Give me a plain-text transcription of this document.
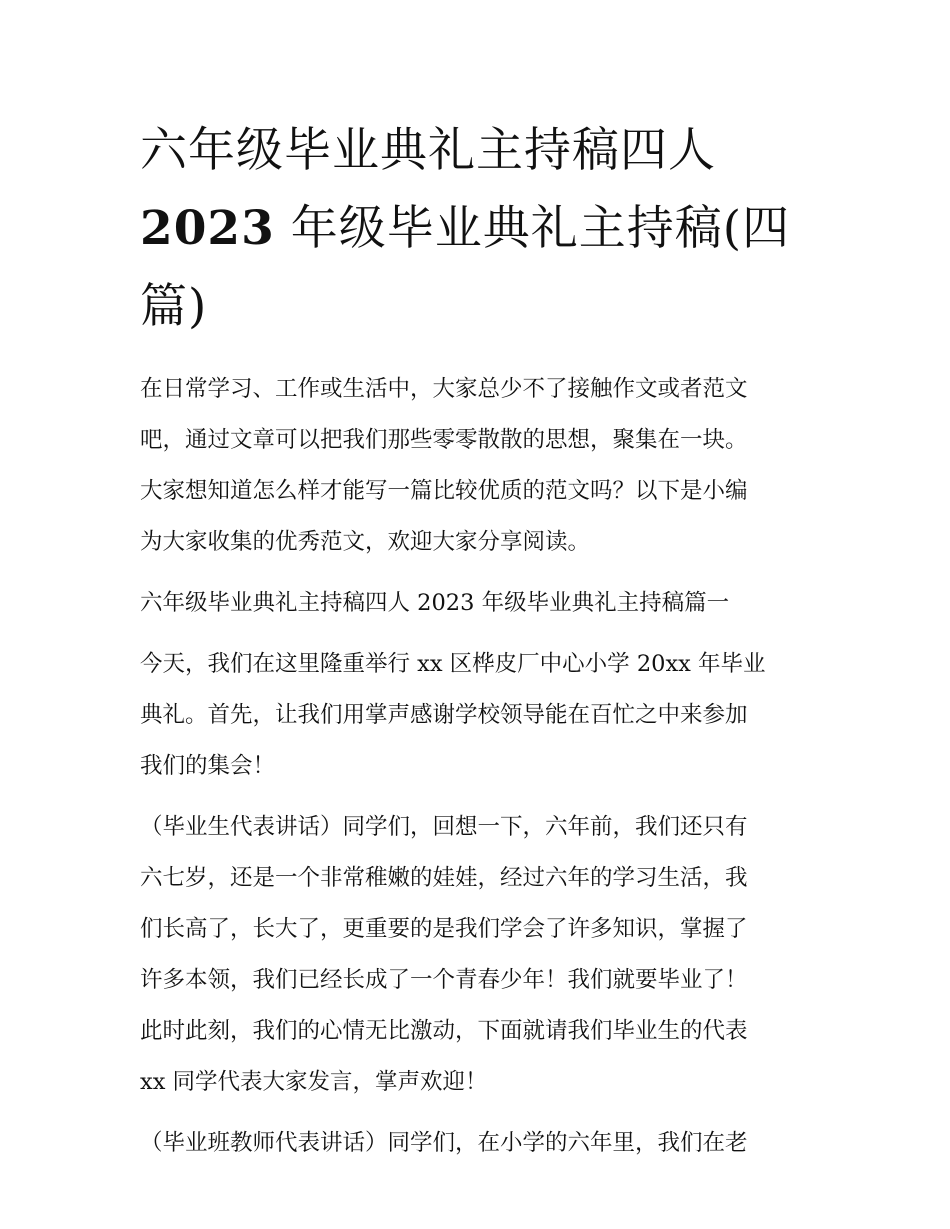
六年级毕业典礼主持稿四人
2023 年级毕业典礼主持稿(四
篇)
在日常学习、工作或生活中，大家总少不了接触作文或者范文
吧，通过文章可以把我们那些零零散散的思想，聚集在一块。
大家想知道怎么样才能写一篇比较优质的范文吗？以下是小编
为大家收集的优秀范文，欢迎大家分享阅读。
六年级毕业典礼主持稿四人 2023 年级毕业典礼主持稿篇一
今天，我们在这里隆重举行 xx 区桦皮厂中心小学 20xx 年毕业
典礼。首先，让我们用掌声感谢学校领导能在百忙之中来参加
我们的集会！
（毕业生代表讲话）同学们，回想一下，六年前，我们还只有
六七岁，还是一个非常稚嫩的娃娃，经过六年的学习生活，我
们长高了，长大了，更重要的是我们学会了许多知识，掌握了
许多本领，我们已经长成了一个青春少年！我们就要毕业了！
此时此刻，我们的心情无比激动，下面就请我们毕业生的代表
xx 同学代表大家发言，掌声欢迎！
（毕业班教师代表讲话）同学们，在小学的六年里，我们在老
